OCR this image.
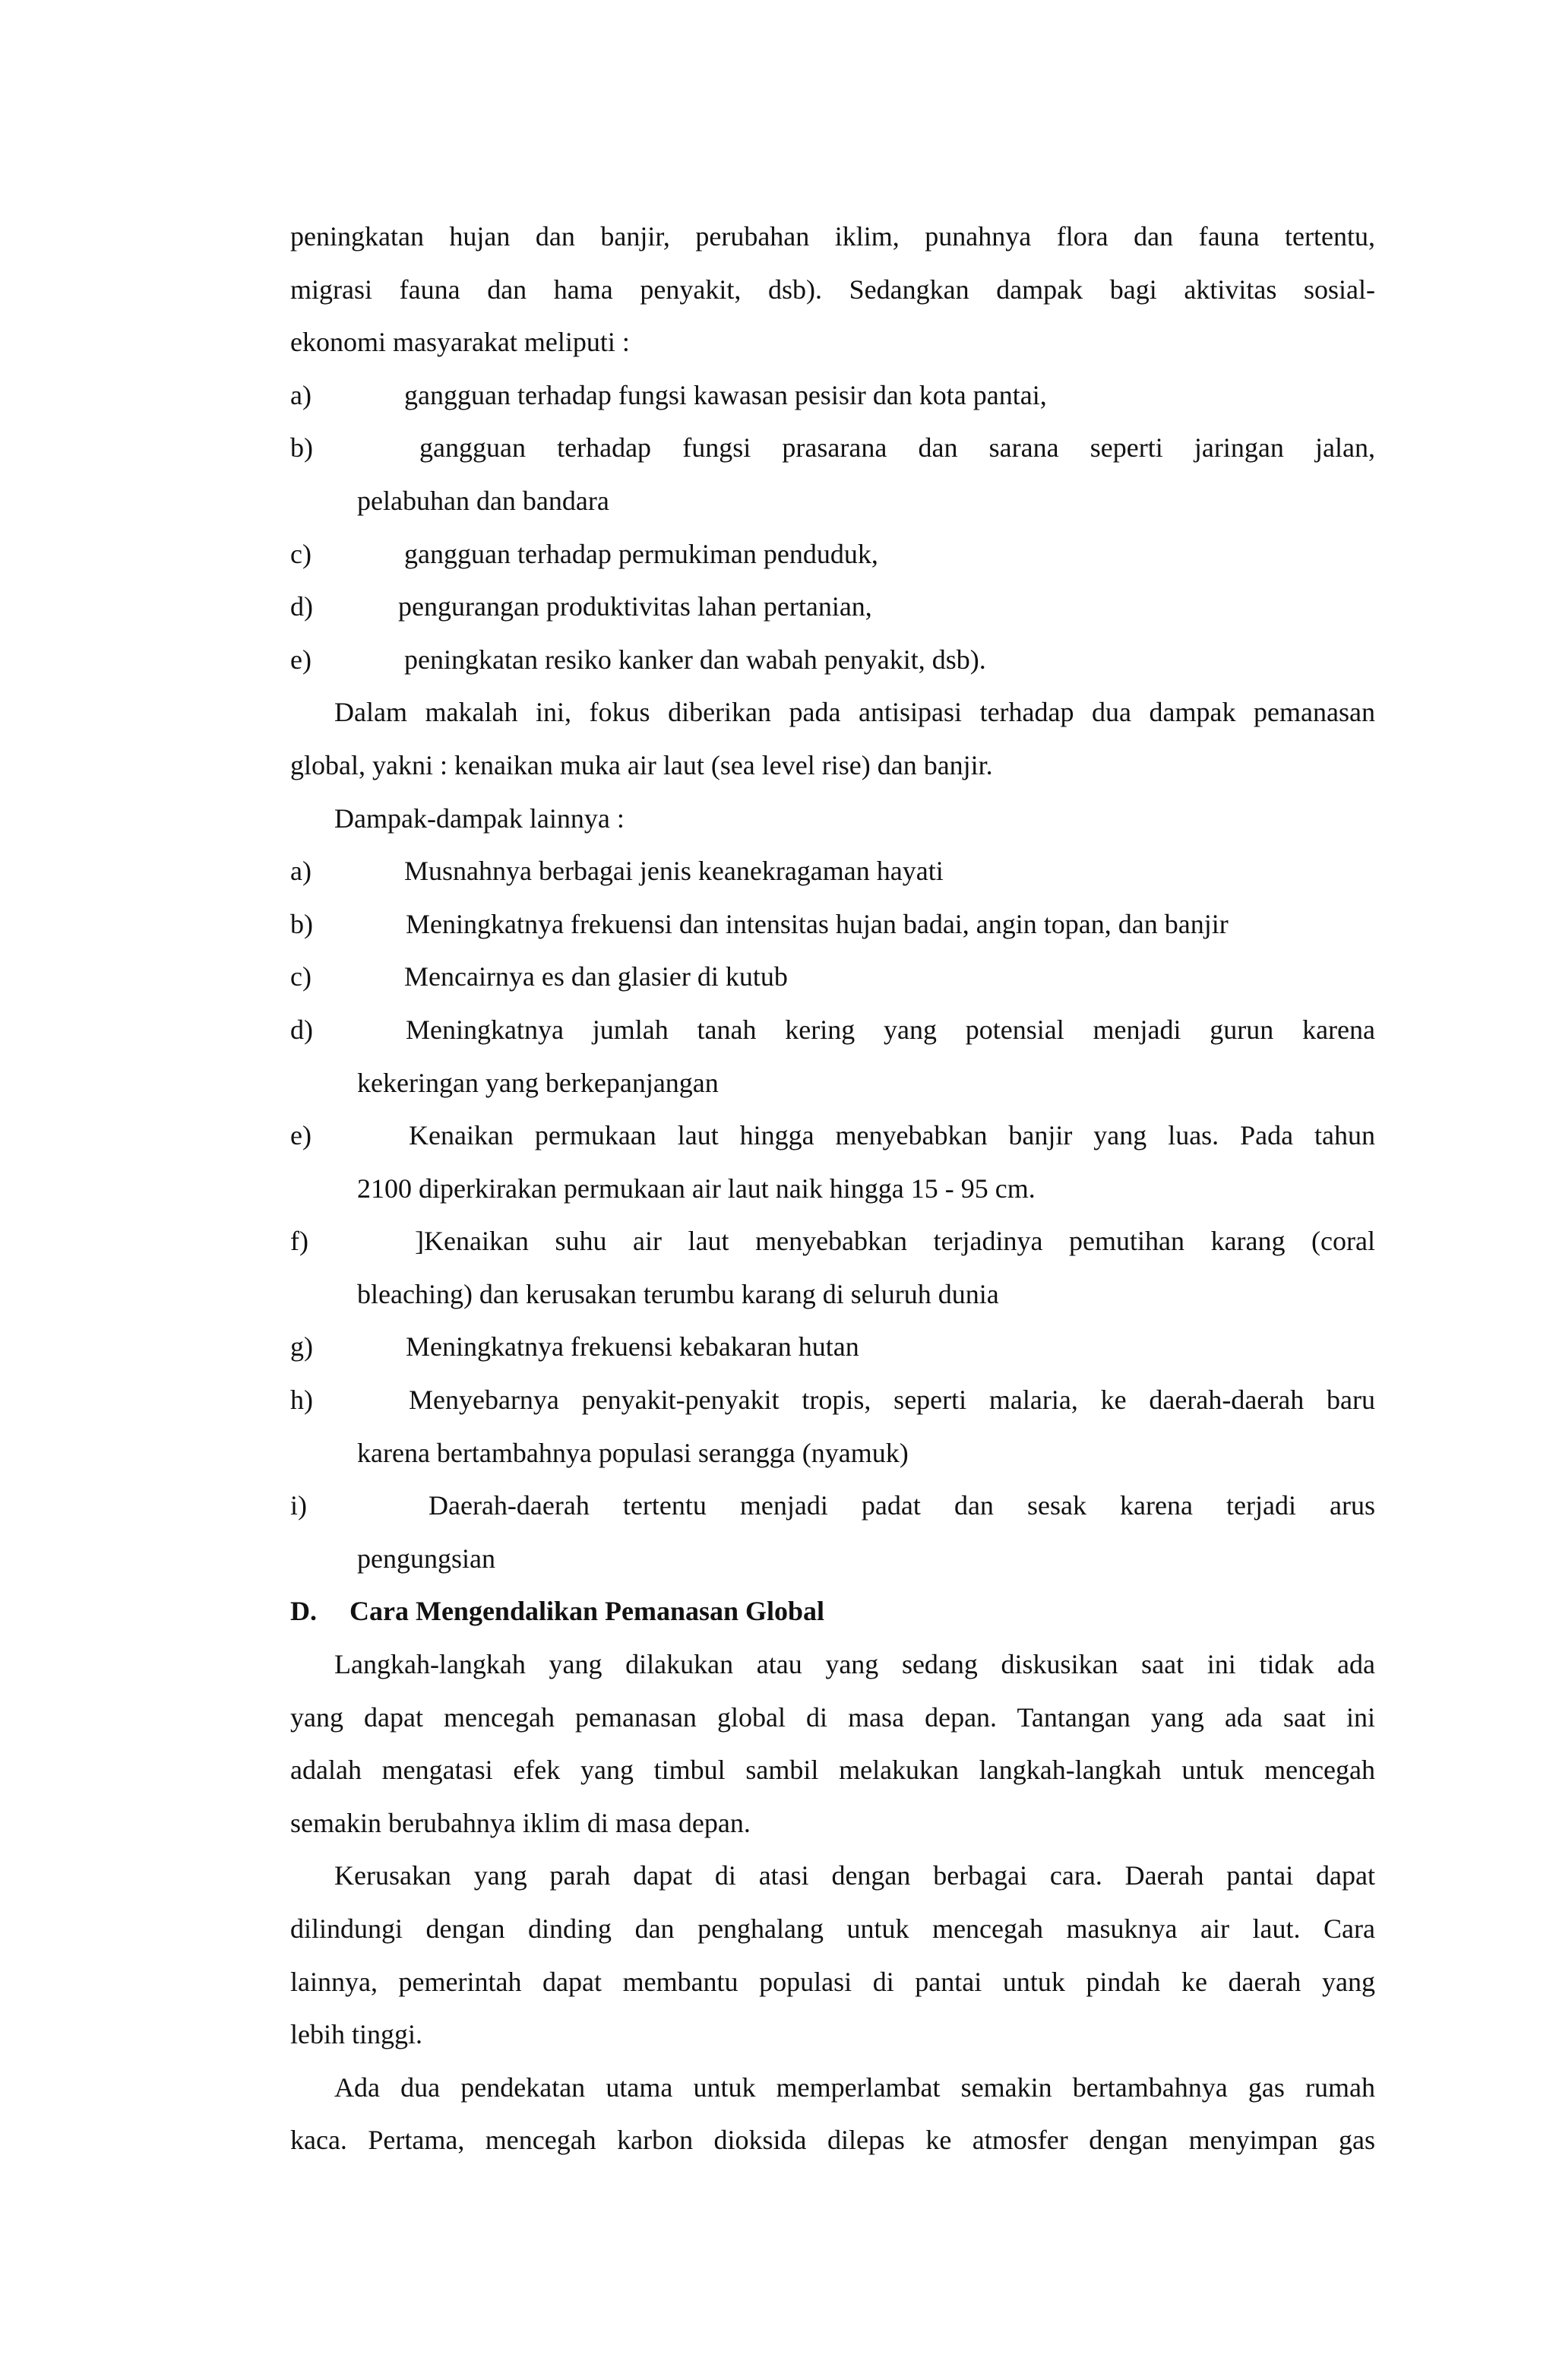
peningkatan hujan dan banjir, perubahan iklim, punahnya flora dan fauna tertentu,
migrasi fauna dan hama penyakit, dsb). Sedangkan dampak bagi aktivitas sosial-
ekonomi masyarakat meliputi :
a)	gangguan terhadap fungsi kawasan pesisir dan kota pantai,
b)	gangguan terhadap fungsi prasarana dan sarana seperti jaringan jalan,
pelabuhan dan bandara
c)	gangguan terhadap permukiman penduduk,
d)	pengurangan produktivitas lahan pertanian,
e)	peningkatan resiko kanker dan wabah penyakit, dsb).
Dalam makalah ini, fokus diberikan pada antisipasi terhadap dua dampak pemanasan
global, yakni : kenaikan muka air laut (sea level rise) dan banjir.
Dampak-dampak lainnya :
a)	Musnahnya berbagai jenis keanekragaman hayati
b)	Meningkatnya frekuensi dan intensitas hujan badai, angin topan, dan banjir
c)	Mencairnya es dan glasier di kutub
d)	Meningkatnya jumlah tanah kering yang potensial menjadi gurun karena
kekeringan yang berkepanjangan
e)	Kenaikan permukaan laut hingga menyebabkan banjir yang luas. Pada tahun
2100 diperkirakan permukaan air laut naik hingga 15 - 95 cm.
f)	]Kenaikan suhu air laut menyebabkan terjadinya pemutihan karang (coral
bleaching) dan kerusakan terumbu karang di seluruh dunia
g)	Meningkatnya frekuensi kebakaran hutan
h)	Menyebarnya penyakit-penyakit tropis, seperti malaria, ke daerah-daerah baru
karena bertambahnya populasi serangga (nyamuk)
i)	Daerah-daerah tertentu menjadi padat dan sesak karena terjadi arus
pengungsian
D.	Cara Mengendalikan Pemanasan Global
Langkah-langkah yang dilakukan atau yang sedang diskusikan saat ini tidak ada
yang dapat mencegah pemanasan global di masa depan. Tantangan yang ada saat ini
adalah mengatasi efek yang timbul sambil melakukan langkah-langkah untuk mencegah
semakin berubahnya iklim di masa depan.
Kerusakan yang parah dapat di atasi dengan berbagai cara. Daerah pantai dapat
dilindungi dengan dinding dan penghalang untuk mencegah masuknya air laut. Cara
lainnya, pemerintah dapat membantu populasi di pantai untuk pindah ke daerah yang
lebih tinggi.
Ada dua pendekatan utama untuk memperlambat semakin bertambahnya gas rumah
kaca. Pertama, mencegah karbon dioksida dilepas ke atmosfer dengan menyimpan gas
